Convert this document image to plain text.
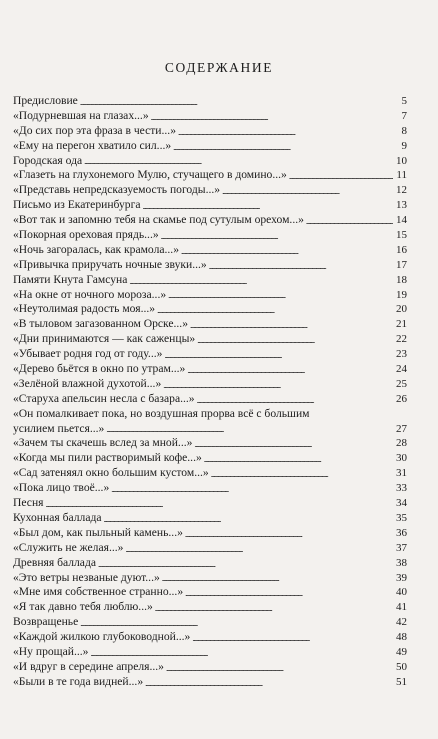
СОДЕРЖАНИЕ
Предисловие . . .	5
«Подурневшая на глазах...» . . .	7
«До сих пор эта фраза в чести...» . . .	8
«Ему на перегон хватило сил...» . . .	9
Городская ода . . .	10
«Глазеть на глухонемого Мулю, стучащего в домино...» . . .	11
«Представь непредсказуемость погоды...» . . .	12
Письмо из Екатеринбурга . . .	13
«Вот так и запомню тебя на скамье под сутулым орехом...» . . .	14
«Покорная ореховая прядь...» . . .	15
«Ночь загоралась, как крамола...» . . .	16
«Привычка приручать ночные звуки...» . . .	17
Памяти Кнута Гамсуна . . .	18
«На окне от ночного мороза...» . . .	19
«Неутолимая радость моя...» . . .	20
«В тыловом загазованном Орске...» . . .	21
«Дни принимаются — как саженцы» . . .	22
«Убывает родня год от году...» . . .	23
«Дерево бьётся в окно по утрам...» . . .	24
«Зелёной влажной духотой...» . . .	25
«Старуха апельсин несла с базара...» . . .	26
«Он помалкивает пока, но воздушная прорва всё с большим
усилием пьется...» . . .	27
«Зачем ты скачешь вслед за мной...» . . .	28
«Когда мы пили растворимый кофе...» . . .	30
«Сад затеняял окно большим кустом...» . . .	31
«Пока лицо твоё...» . . .	33
Песня . . .	34
Кухонная баллада . . .	35
«Был дом, как пыльный камень...» . . .	36
«Служить не желая...» . . .	37
Древняя баллада . . .	38
«Это ветры незваные дуют...» . . .	39
«Мне имя собственное странно...» . . .	40
«Я так давно тебя люблю...» . . .	41
Возвращенье . . .	42
«Каждой жилкою глубоководной...» . . .	48
«Ну прощай...» . . .	49
«И вдруг в середине апреля...» . . .	50
«Были в те года видней...» . . .	51
